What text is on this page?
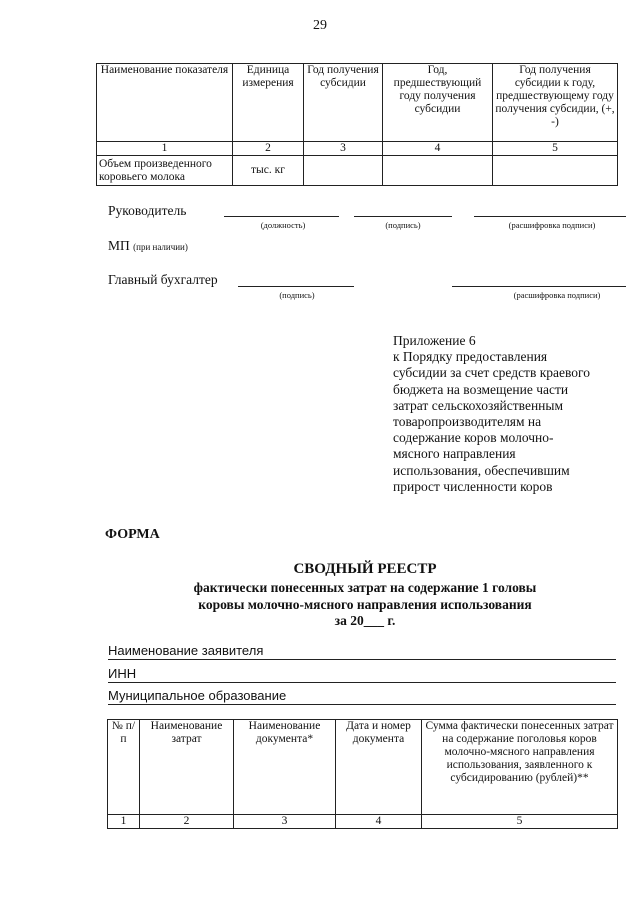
29
Наименование показателя	Единица измерения	Год получения субсидии	Год, предшествующий году получения субсидии	Год получения субсидии к году, предшествующему году получения субсидии, (+, -)
1	2	3	4	5
Объем произведенного коровьего молока	тыс. кг			
Руководитель
(должность)	(подпись)	(расшифровка подписи)
МП (при наличии)
Главный бухгалтер
(подпись)	(расшифровка подписи)
Приложение 6
к Порядку предоставления
субсидии за счет средств краевого
бюджета на возмещение части
затрат сельскохозяйственным
товаропроизводителям на
содержание коров молочно-
мясного направления
использования, обеспечившим
прирост численности коров
ФОРМА
СВОДНЫЙ РЕЕСТР
фактически понесенных затрат на содержание 1 головы
коровы молочно-мясного направления использования
за 20___ г.
Наименование заявителя
ИНН
Муниципальное образование
№ п/п	Наименование затрат	Наименование документа*	Дата и номер документа	Сумма фактически понесенных затрат на содержание поголовья коров молочно-мясного направления использования, заявленного к субсидированию (рублей)**
1	2	3	4	5
